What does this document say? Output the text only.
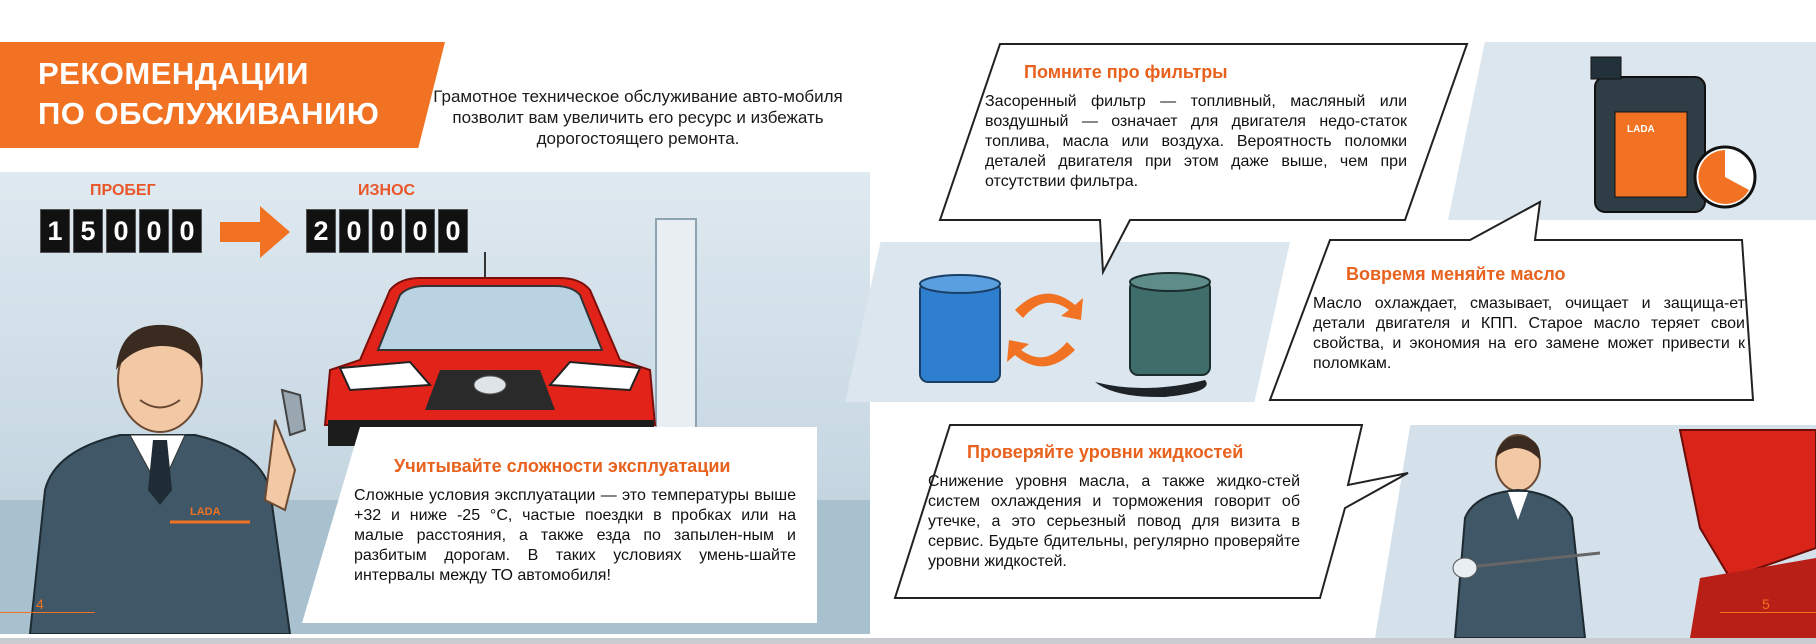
РЕКОМЕНДАЦИИ
ПО ОБСЛУЖИВАНИЮ	Грамотное техническое обслуживание авто-мобиля позволит вам увеличить его ресурс и избежать дорогостоящего ремонта.
ПРОБЕГ
1 5 0 0 0
ИЗНОС
2 0 0 0 0
LADA
Учитывайте сложности эксплуатации
Сложные условия эксплуатации — это температуры выше +32 и ниже -25 °С, частые поездки в пробках или на малые расстояния, а также езда по запылен-ным и разбитым дорогам. В таких условиях умень-шайте интервалы между ТО автомобиля!
4
Помните про фильтры
Засоренный фильтр — топливный, масляный или воздушный — означает для двигателя недо-статок топлива, масла или воздуха. Вероятность поломки деталей двигателя при этом даже выше, чем при отсутствии фильтра.
LADA
Вовремя меняйте масло
Масло охлаждает, смазывает, очищает и защища-ет детали двигателя и КПП. Старое масло теряет свои свойства, и экономия на его замене может привести к поломкам.
Проверяйте уровни жидкостей
Снижение уровня масла, а также жидко-стей систем охлаждения и торможения говорит об утечке, а это серьезный повод для визита в сервис. Будьте бдительны, регулярно проверяйте уровни жидкостей.
5
